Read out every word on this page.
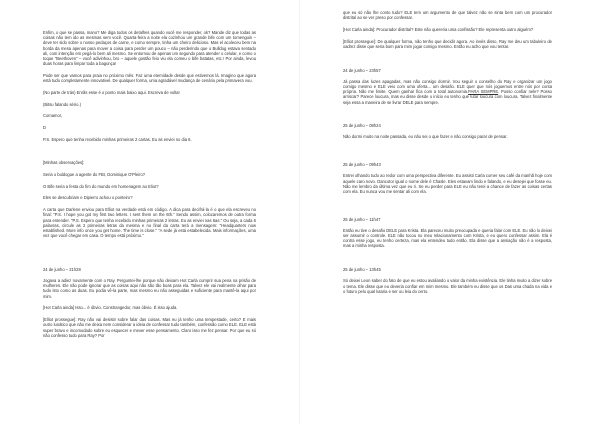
Enfim, o que se passa, mano? Me diga todos os detalhes quando você me responder, ok? Mande diz que todas as coisas não tem ido as mesmas sem você. Quarta-feira a noite ela cozinhou um grande bife com um tomenguin – deve ter sido sobre o nosso pedaços de carne, e como sempre, tinha um cheiro delicioso. Mas el acoleceu bem na borda da mesa apenas para mover a coisa para perder um pouco – não perderindo que o Bulldog estava sentado ali, com intenção em pegá-lo bem ali mesmo. Se entornou de apenas um segundo para atender o celular, e como o toque "Beethoven" – você adivinhou, bro – aquele gostão feio viu ela comeu o bife batatas, etc.! Por ainda, levou duas horas para limpar toda a bagunça!

Pode ser que vamos para praia no próximo mês. Faz uma eternidade desde que estivemos lá. Imagino que agora está tudo completamente innovativel. De qualquer forma, uma agradável mudança de cenário pela primavera vou.

(No parte de trás) Enrãs esse é o ponto mais baixo aqui. Escreva de volta!

(Bitsu falando sério.)

Comamor,

D

P.S. Espero que tenha recebido minhas primeiras 2 cartas. Eu as enviei no dia 6.

[Minhas observações]:

Seria o buldogue a agente do FBI, Dominique O'Pleiro?

O Bife seria a festa do fim do mundo em homenagem ao Eliot?

Eles se descubriam e Dipierro achou o ponteiro?

A carta que Darlene enviou para Elliot na verdade está em código. A dica para decifrá-la é o que ela escreveu no final: "P.S. I hope you got my first two letters. I sent them on the 6th." Sendo assim, colocaremos de outra forma para entender. "P.S. Espero que tenha recebido minhas primeiras 2 letras. Eu as enviei nas 6as." Ou seja, a cada 6 palavras, circule as 2 primeiras letras da mesma e no final da carta terá a mensagem: "Headquarters now established. More info once you get home. The time is close." "A sede já está estabelecida. Mais informações, uma vez que você chegar em casa. O tempo está próximo."

24 de junho – 21h28

Jogava a adiez novamente com o Ray. Perguntei-lhe porque não deixam Hot Carla cumprir sua pena na prisão de mulheres. Ele não pode ignorar que as coisas aqui não são tão boas para ela. Talvez ele vai realmente olhar para tudo isto como as duas. Eu podia vê-la parte, mas mesmo eu não asseguidas e suficiente para mantê-la aqui por mim.

[Hot Carla ainda] Isso... é óbvio. Constrangedor, mas óbvio. É isso ajuda.

[Elliot prossegue]: Ray não vai desistir sobre falar das coisas. Mas eu já tenho uma tempestade, certo? E mais outro lunático que não me deixa nem considerar a ideia de confessar tudo também, confessão como ELE. ELE está super bravo e incomodado sobre eu esquecer e mexer esse pensamento. Claro isso me fez pensar. Por que eu só não confesso tudo para Ray? Por

que eu só não lhe conto tudo? ELE tem um argumento de que talvez não se sinta bem com um procurador distrital ao se ver preso por confessar.

[Hot Carla ainda]: Procurador distrital? Este não quereria uma confissão? Ele representa outro alguém?

[Elliot prossegue]: De qualquer forma, não tenho que decidir agora. Ao invés disso, Ray me deu um tabuleiro de xadrez disse que seria bom para mim jogar comigo mesmo. Então eu acho que vou tentar.

24 de junho – 23h57

Já passa das luzes apagadas, mas não consigo dormir. Vou seguir o conselho do Ray e organizar um jogo comigo mesmo e ELE veio com uma oferta... um desafio. ELE quer que nós joguemos entre nós por conta própria. Não me limite. Quem ganhar fica com a total autonomia.PARA SEMPRE. Posso confiar nele? Posso arriscar? Parece loucura, mas eu disse desde o início eu tenho que lutar loucura com loucura. Talvez finalmente seja essa a maneira de se livrar DELE para sempre.

25 de junho – 08h24

Não dormi muito na noite passada, eu não sei o que fazer e não consigo parar de pensar.

25 de junho – 09h43

Entrei olhando tudo ao redor com uma perspectiva diferente. Eu assisti Carla comer seu café da manhã hoje com aquele caro novo. Dancotor igual o nome dele é Chasle. Eles estavam lindo e falando, e eu desejei que fosse eu. Não me lembro da última vez que eu ri. Se eu perder para ELE eu não terei a chance de fazer as coisas certas com ela. Eu nunca vou me sentar ali com ela.

25 de junho – 11h47

Então eu tive o desafio DELE para Krista. Ela pareceu muito preocupada e queria falar com ELE. Eu não lo deixei ser assumir o controle. ELE não tocou no meu relacionamento com Krista, e eu quero confessar assim. Ela é contra esse jogo, eu tenho certeza, mas ela entendeu tudo então. Ela disse que a ansiação não é a resposta, mas a minha resposta.

25 de junho – 13h45

Só deixei Leon saber do fato de que eu estou avaliando o valor da minha existência. Ele tinha muito a dizer sobre o tema. Ele disse que eu deveria confiar em mim mesmo. Ele também eu disse que os Das uma chada na vida e o futuro pelo qual lutaria e ser ou leia do certo.
